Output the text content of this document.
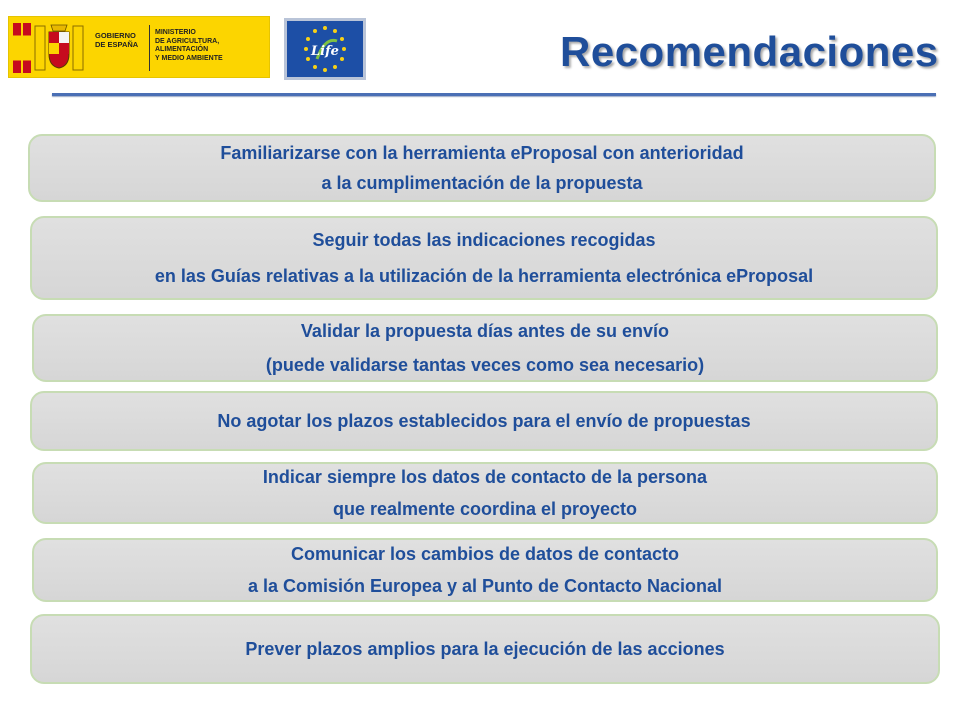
GOBIERNO
DE ESPAÑA
MINISTERIO
DE AGRICULTURA, ALIMENTACIÓN
Y MEDIO AMBIENTE	Life	Recomendaciones
Familiarizarse con la herramienta eProposal con anterioridad
a la cumplimentación de la propuesta
Seguir todas las indicaciones recogidas
en las Guías relativas a la utilización de la herramienta electrónica eProposal
Validar la propuesta días antes de su envío
(puede validarse tantas veces como sea necesario)
No agotar los plazos establecidos para el envío de propuestas
Indicar siempre los datos de contacto de la persona
que realmente coordina el proyecto
Comunicar los cambios de datos de contacto
a la Comisión Europea y al Punto de Contacto Nacional
Prever plazos amplios para la ejecución de las acciones
